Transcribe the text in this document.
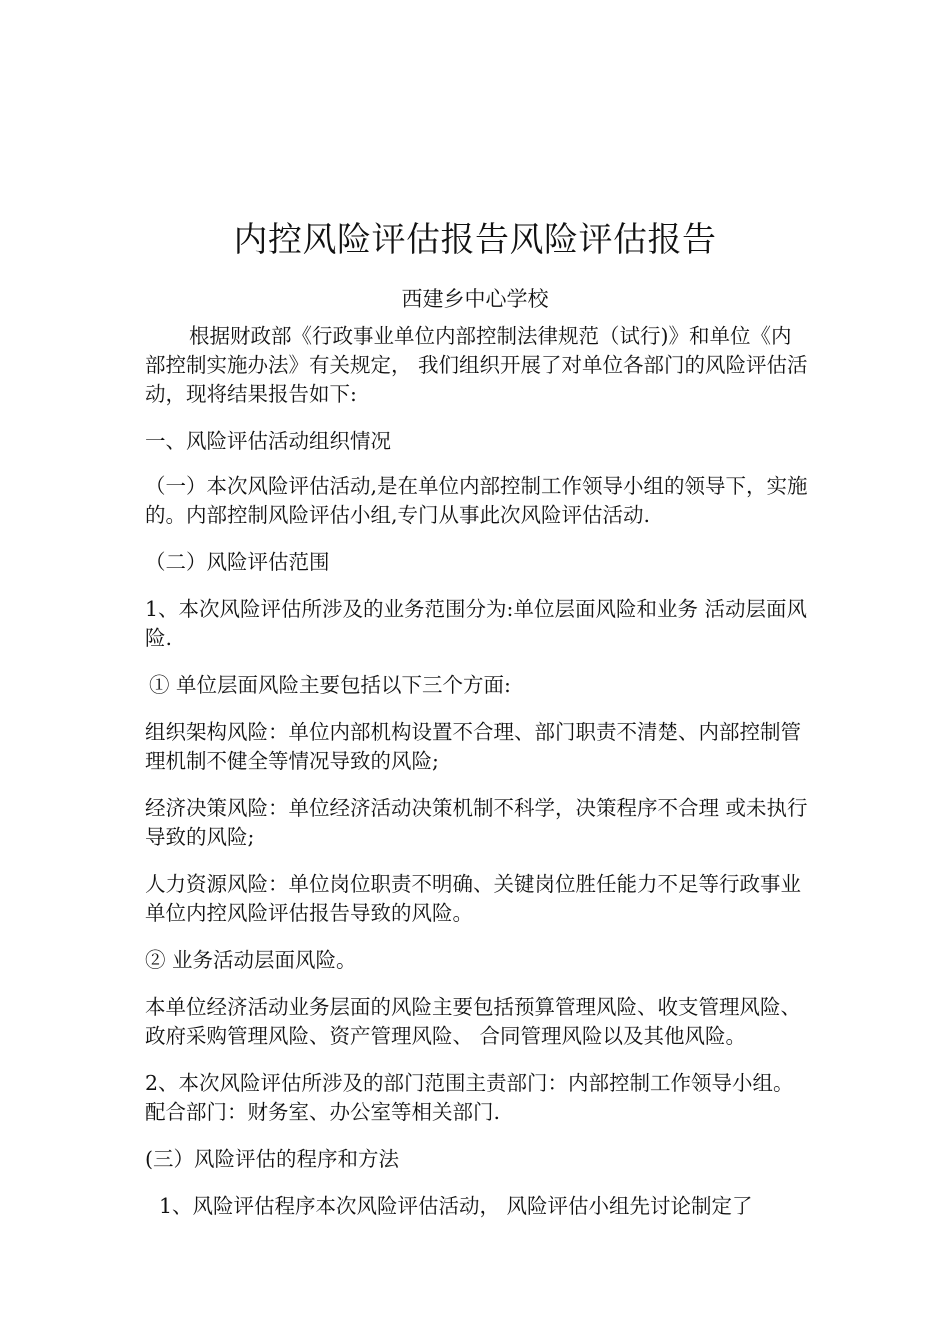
内控风险评估报告风险评估报告
西建乡中心学校

根据财政部《行政事业单位内部控制法律规范（试行)》和单位《内部控制实施办法》有关规定， 我们组织开展了对单位各部门的风险评估活动，现将结果报告如下:

一、风险评估活动组织情况

（一）本次风险评估活动,是在单位内部控制工作领导小组的领导下，实施的。内部控制风险评估小组,专门从事此次风险评估活动.

（二）风险评估范围

1、本次风险评估所涉及的业务范围分为:单位层面风险和业务 活动层面风险.

① 单位层面风险主要包括以下三个方面:

组织架构风险：单位内部机构设置不合理、部门职责不清楚、内部控制管理机制不健全等情况导致的风险;

经济决策风险：单位经济活动决策机制不科学，决策程序不合理 或未执行导致的风险;

人力资源风险：单位岗位职责不明确、关键岗位胜任能力不足等行政事业单位内控风险评估报告导致的风险。

② 业务活动层面风险。

本单位经济活动业务层面的风险主要包括预算管理风险、收支管理风险、政府采购管理风险、资产管理风险、 合同管理风险以及其他风险。

2、本次风险评估所涉及的部门范围主责部门：内部控制工作领导小组。配合部门：财务室、办公室等相关部门.

(三）风险评估的程序和方法

1、风险评估程序本次风险评估活动， 风险评估小组先讨论制定了
